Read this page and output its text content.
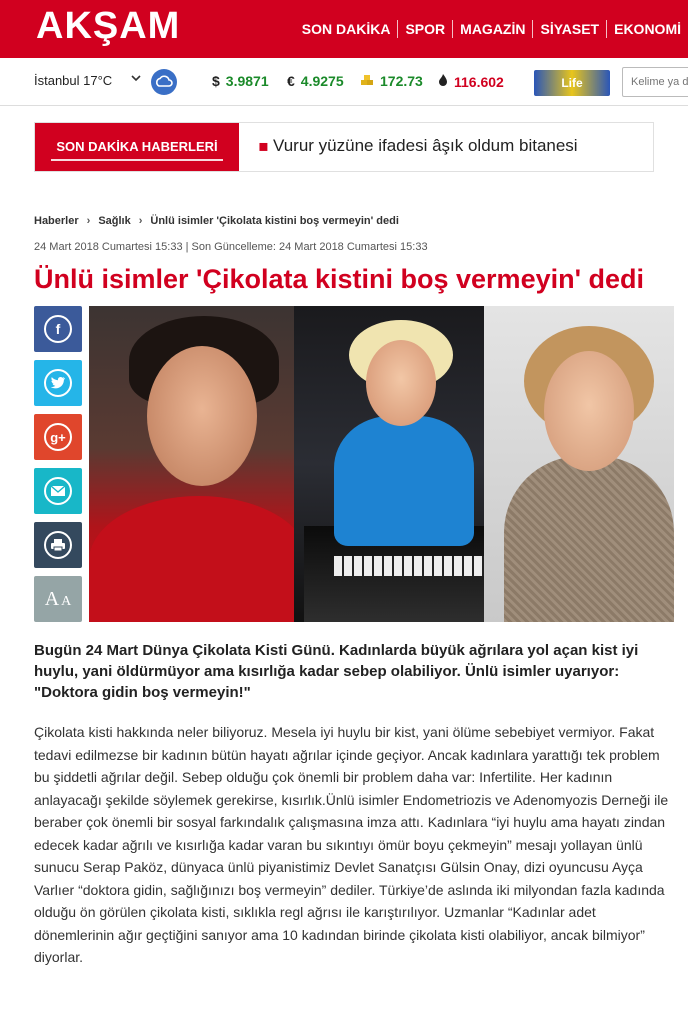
AKŞAM	SON DAKİKA	SPOR	MAGAZİN	SİYASET	EKONOMİ
İstanbul 17°C	$ 3.9871 € 4.9275	172.73	116.602	Life
Kelime ya da
SON DAKİKA HABERLERİ	▪ Vurur yüzüne ifadesi âşık oldum bitanesi
Haberler › Sağlık › Ünlü isimler 'Çikolata kistini boş vermeyin' dedi
24 Mart 2018 Cumartesi 15:33 | Son Güncelleme: 24 Mart 2018 Cumartesi 15:33
Ünlü isimler 'Çikolata kistini boş vermeyin' dedi
f
g+
A A

Bugün 24 Mart Dünya Çikolata Kisti Günü. Kadınlarda büyük ağrılara yol açan kist iyi huylu, yani öldürmüyor ama kısırlığa kadar sebep olabiliyor. Ünlü isimler uyarıyor: "Doktora gidin boş vermeyin!"

Çikolata kisti hakkında neler biliyoruz. Mesela iyi huylu bir kist, yani ölüme sebebiyet vermiyor. Fakat tedavi edilmezse bir kadının bütün hayatı ağrılar içinde geçiyor. Ancak kadınlara yarattığı tek problem bu şiddetli ağrılar değil. Sebep olduğu çok önemli bir problem daha var: Infertilite. Her kadının anlayacağı şekilde söylemek gerekirse, kısırlık.Ünlü isimler Endometriozis ve Adenomyozis Derneği ile beraber çok önemli bir sosyal farkındalık çalışmasına imza attı. Kadınlara “iyi huylu ama hayatı zindan edecek kadar ağrılı ve kısırlığa kadar varan bu sıkıntıyı ömür boyu çekmeyin” mesajı yollayan ünlü sunucu Serap Paköz, dünyaca ünlü piyanistimiz Devlet Sanatçısı Gülsin Onay, dizi oyuncusu Ayça Varlıer “doktora gidin, sağlığınızı boş vermeyin” dediler. Türkiye’de aslında iki milyondan fazla kadında olduğu ön görülen çikolata kisti, sıklıkla regl ağrısı ile karıştırılıyor. Uzmanlar “Kadınlar adet dönemlerinin ağır geçtiğini sanıyor ama 10 kadından birinde çikolata kisti olabiliyor, ancak bilmiyor” diyorlar.
